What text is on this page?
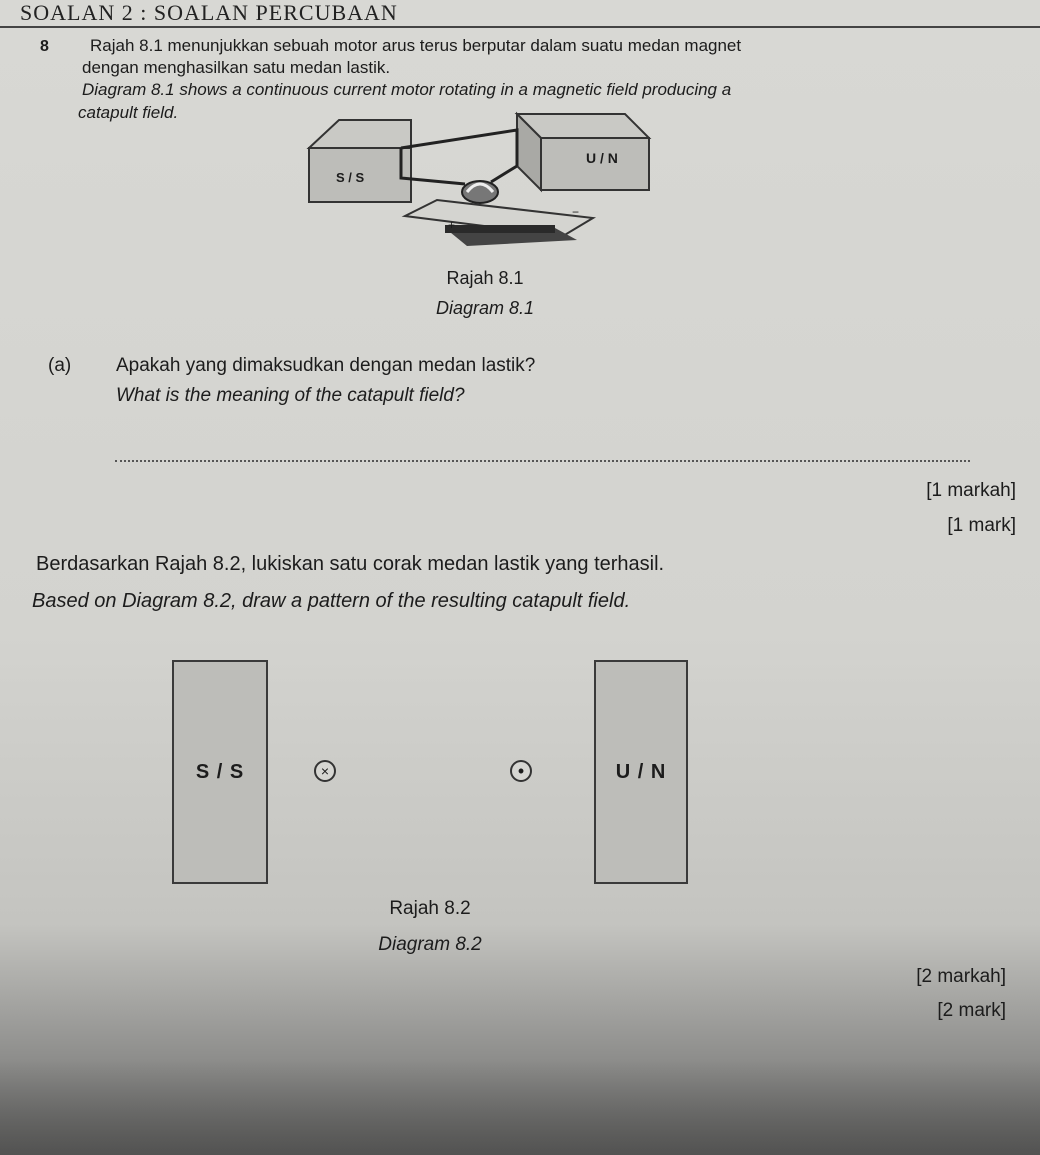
SOALAN 2 : SOALAN PERCUBAAN
8 Rajah 8.1 menunjukkan sebuah motor arus terus berputar dalam suatu medan magnet
dengan menghasilkan satu medan lastik.
Diagram 8.1 shows a continuous current motor rotating in a magnetic field producing a
catapult field.
S / S
U / N
+
−
Rajah 8.1
Diagram 8.1
(a) Apakah yang dimaksudkan dengan medan lastik?
What is the meaning of the catapult field?
[1 markah]
[1 mark]
Berdasarkan Rajah 8.2, lukiskan satu corak medan lastik yang terhasil.
Based on Diagram 8.2, draw a pattern of the resulting catapult field.
S / S	U / N
×	•
Rajah 8.2
Diagram 8.2
[2 markah]
[2 mark]
